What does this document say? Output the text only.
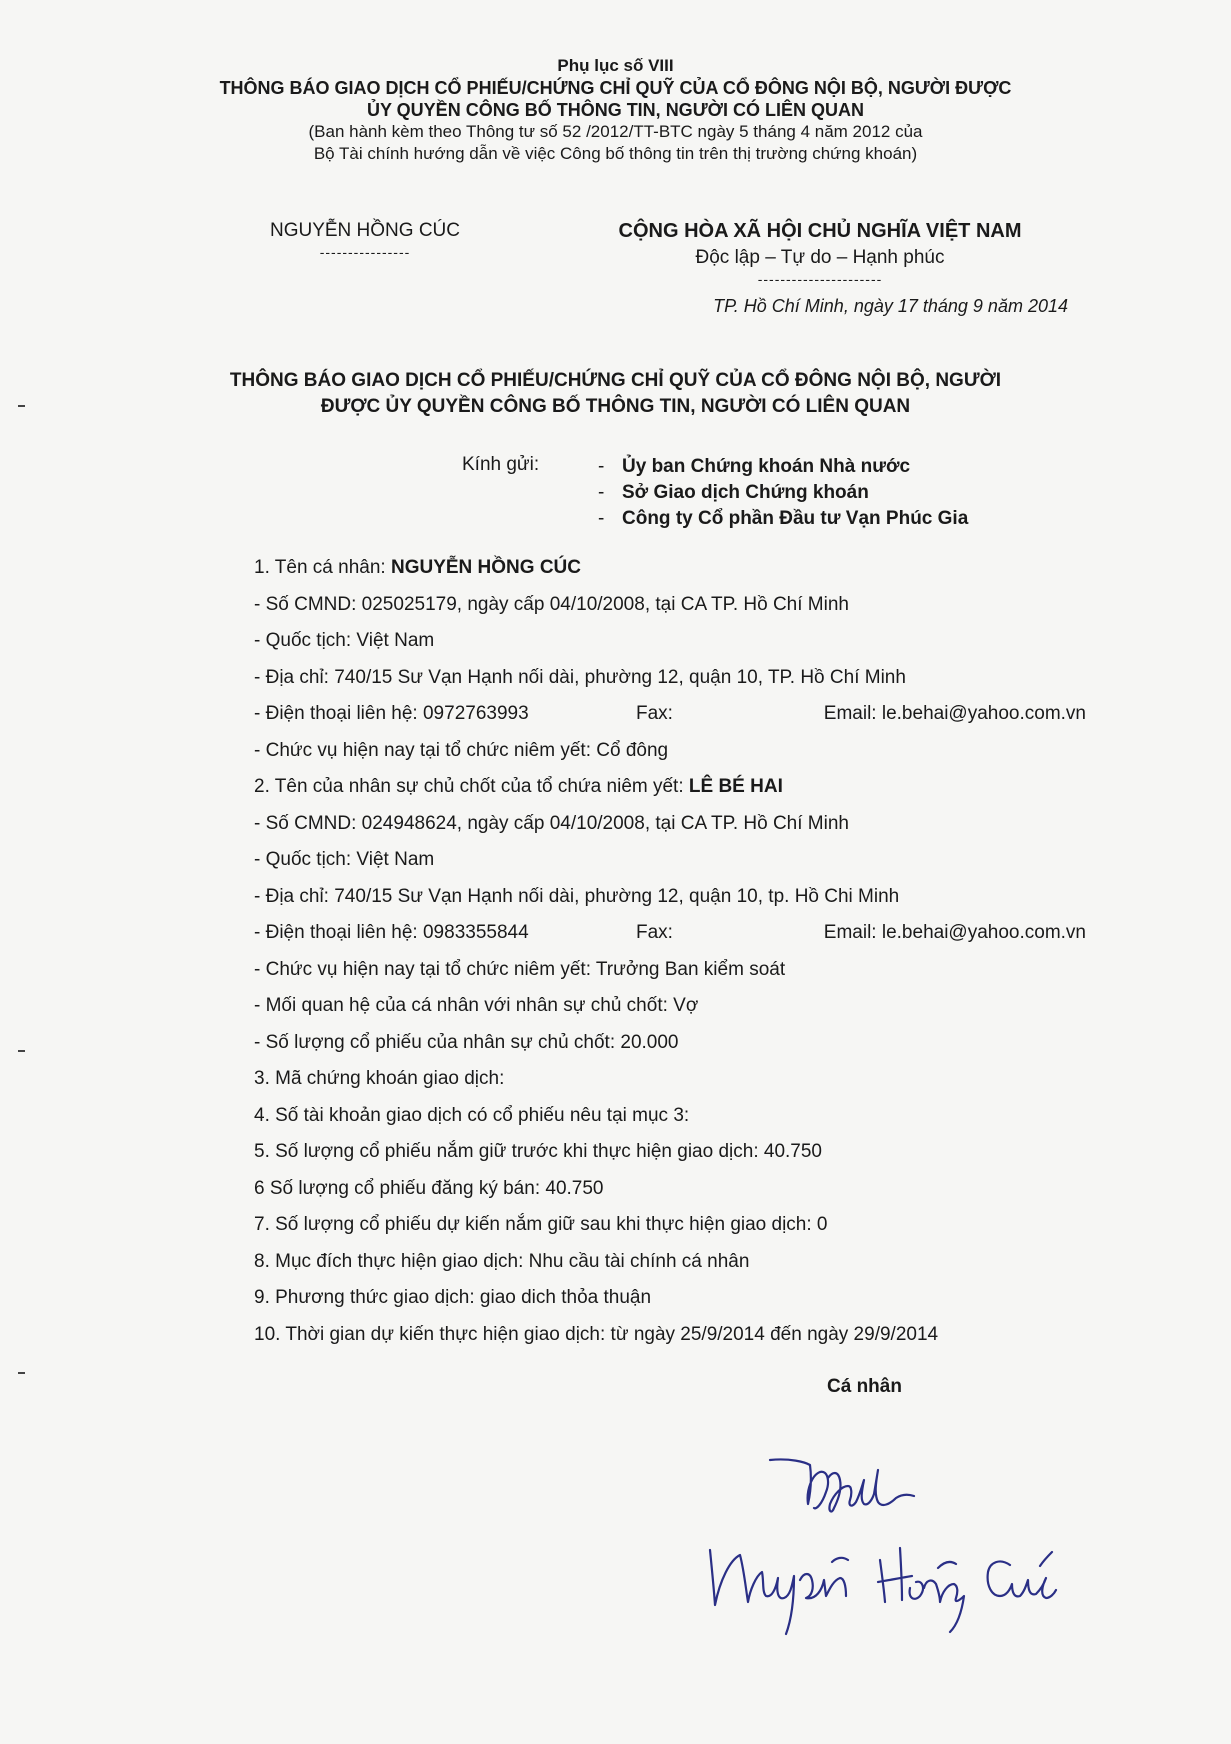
Phụ lục số VIII
THÔNG BÁO GIAO DỊCH CỔ PHIẾU/CHỨNG CHỈ QUỸ CỦA CỔ ĐÔNG NỘI BỘ, NGƯỜI ĐƯỢC
ỦY QUYỀN CÔNG BỐ THÔNG TIN, NGƯỜI CÓ LIÊN QUAN
(Ban hành kèm theo Thông tư số 52 /2012/TT-BTC ngày 5 tháng 4 năm 2012 của
Bộ Tài chính hướng dẫn về việc Công bố thông tin trên thị trường chứng khoán)
NGUYỄN HỒNG CÚC
----------------
CỘNG HÒA XÃ HỘI CHỦ NGHĨA VIỆT NAM
Độc lập – Tự do – Hạnh phúc
----------------------
TP. Hồ Chí Minh, ngày 17 tháng 9 năm 2014
THÔNG BÁO GIAO DỊCH CỔ PHIẾU/CHỨNG CHỈ QUỸ CỦA CỔ ĐÔNG NỘI BỘ, NGƯỜI
ĐƯỢC ỦY QUYỀN CÔNG BỐ THÔNG TIN, NGƯỜI CÓ LIÊN QUAN
Kính gửi:	- Ủy ban Chứng khoán Nhà nước
- Sở Giao dịch Chứng khoán
- Công ty Cổ phần Đầu tư Vạn Phúc Gia
1. Tên cá nhân: NGUYỄN HỒNG CÚC
- Số CMND: 025025179, ngày cấp 04/10/2008, tại CA TP. Hồ Chí Minh
- Quốc tịch: Việt Nam
- Địa chỉ: 740/15 Sư Vạn Hạnh nối dài, phường 12, quận 10, TP. Hồ Chí Minh
- Điện thoại liên hệ: 0972763993	Fax:	Email: le.behai@yahoo.com.vn
- Chức vụ hiện nay tại tổ chức niêm yết: Cổ đông
2. Tên của nhân sự chủ chốt của tổ chứa niêm yết: LÊ BÉ HAI
- Số CMND: 024948624, ngày cấp 04/10/2008, tại CA TP. Hồ Chí Minh
- Quốc tịch: Việt Nam
- Địa chỉ: 740/15 Sư Vạn Hạnh nối dài, phường 12, quận 10, tp. Hồ Chi Minh
- Điện thoại liên hệ: 0983355844	Fax:	Email: le.behai@yahoo.com.vn
- Chức vụ hiện nay tại tổ chức niêm yết: Trưởng Ban kiểm soát
- Mối quan hệ của cá nhân với nhân sự chủ chốt: Vợ
- Số lượng cổ phiếu của nhân sự chủ chốt: 20.000
3. Mã chứng khoán giao dịch:
4. Số tài khoản giao dịch có cổ phiếu nêu tại mục 3:
5. Số lượng cổ phiếu nắm giữ trước khi thực hiện giao dịch: 40.750
6 Số lượng cổ phiếu đăng ký bán: 40.750
7. Số lượng cổ phiếu dự kiến nắm giữ sau khi thực hiện giao dịch: 0
8. Mục đích thực hiện giao dịch: Nhu cầu tài chính cá nhân
9. Phương thức giao dịch: giao dich thỏa thuận
10. Thời gian dự kiến thực hiện giao dịch: từ ngày 25/9/2014 đến ngày 29/9/2014
Cá nhân
